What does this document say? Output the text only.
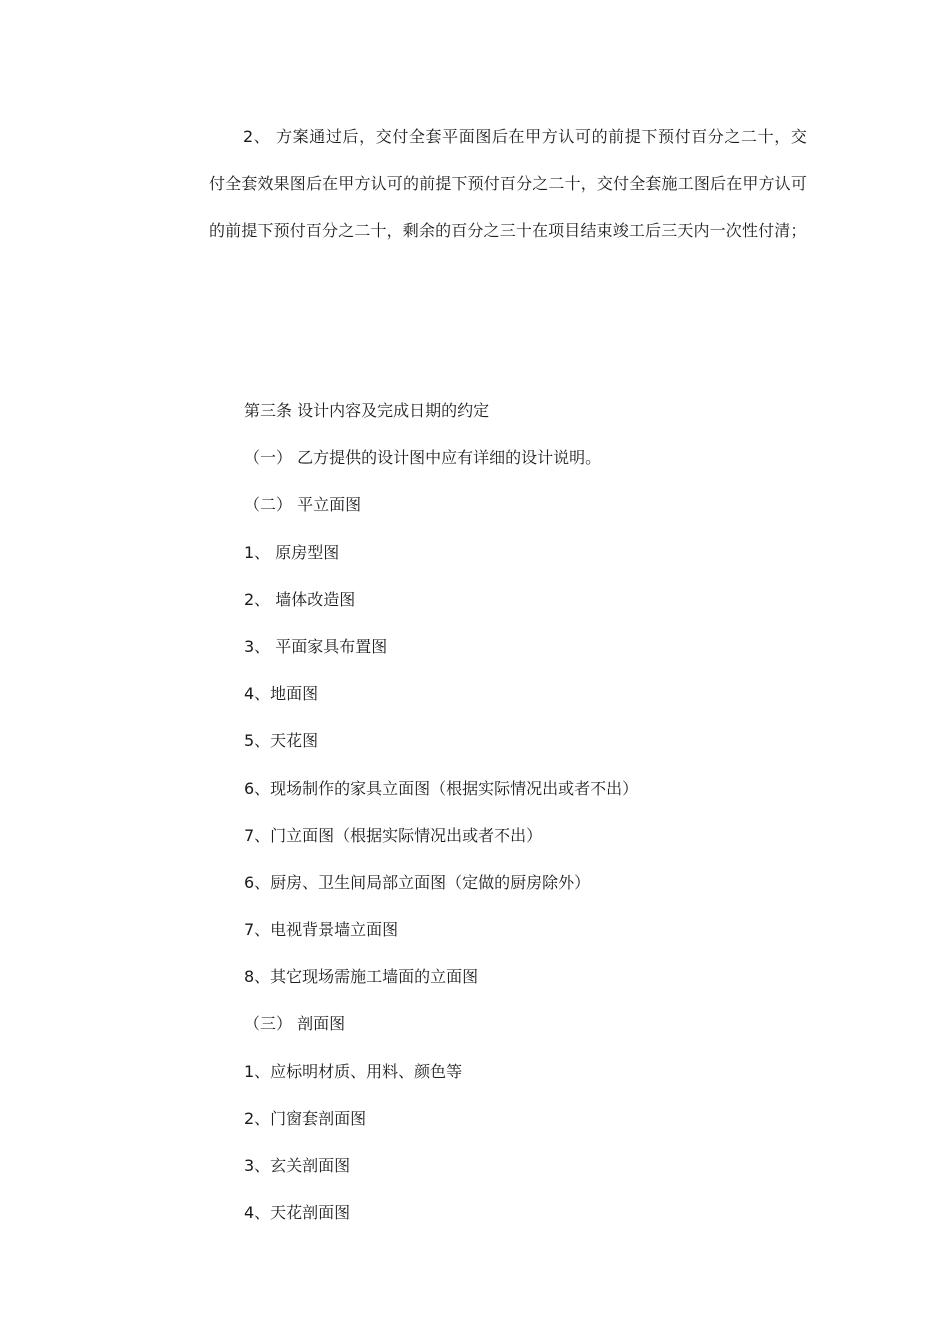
2、 方案通过后，交付全套平面图后在甲方认可的前提下预付百分之二十，交付全套效果图后在甲方认可的前提下预付百分之二十，交付全套施工图后在甲方认可的前提下预付百分之二十，剩余的百分之三十在项目结束竣工后三天内一次性付清；

第三条 设计内容及完成日期的约定
（一） 乙方提供的设计图中应有详细的设计说明。
（二） 平立面图
1、 原房型图
2、 墙体改造图
3、 平面家具布置图
4、地面图
5、天花图
6、现场制作的家具立面图（根据实际情况出或者不出）
7、门立面图（根据实际情况出或者不出）
6、厨房、卫生间局部立面图（定做的厨房除外）
7、电视背景墙立面图
8、其它现场需施工墙面的立面图
（三） 剖面图
1、应标明材质、用料、颜色等
2、门窗套剖面图
3、玄关剖面图
4、天花剖面图
